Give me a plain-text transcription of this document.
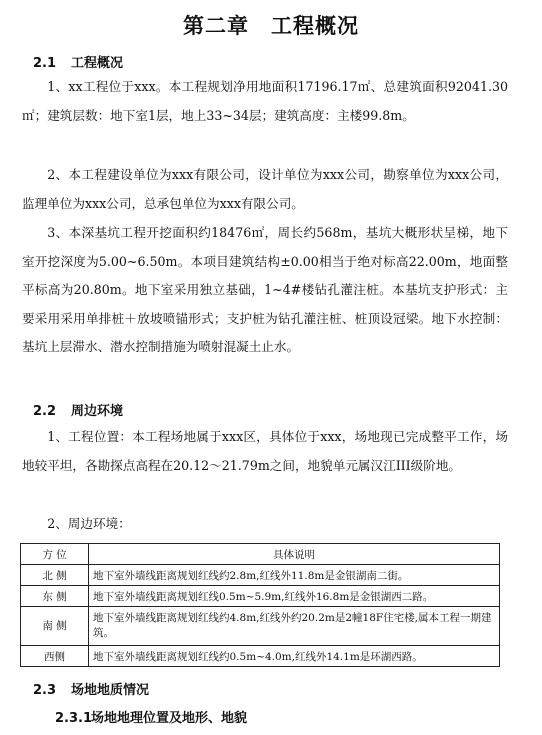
第二章 工程概况
2.1 工程概况
1、xx工程位于xxx。本工程规划净用地面积17196.17㎡、总建筑面积92041.30㎡；建筑层数：地下室1层，地上33~34层；建筑高度：主楼99.8m。
2、本工程建设单位为xxx有限公司，设计单位为xxx公司，勘察单位为xxx公司，监理单位为xxx公司，总承包单位为xxx有限公司。
3、本深基坑工程开挖面积约18476㎡，周长约568m，基坑大概形状呈梯，地下室开挖深度为5.00~6.50m。本项目建筑结构±0.00相当于绝对标高22.00m，地面整平标高为20.80m。地下室采用独立基础，1~4#楼钻孔灌注桩。本基坑支护形式：主要采用采用单排桩＋放坡喷锚形式；支护桩为钻孔灌注桩、桩顶设冠梁。地下水控制：基坑上层滞水、潜水控制措施为喷射混凝土止水。
2.2 周边环境
1、工程位置：本工程场地属于xxx区，具体位于xxx，场地现已完成整平工作，场地较平坦，各勘探点高程在20.12～21.79m之间，地貌单元属汉江III级阶地。
2、周边环境：
方 位	具体说明
北 侧	地下室外墙线距离规划红线约2.8m,红线外11.8m是金银湖南二街。
东 侧	地下室外墙线距离规划红线0.5m~5.9m,红线外16.8m是金银湖西二路。
南 侧	地下室外墙线距离规划红线约4.8m,红线外约20.2m是2幢18F住宅楼,属本工程一期建筑。
西侧	地下室外墙线距离规划红线约0.5m~4.0m,红线外14.1m是环湖西路。
2.3 场地地质情况
2.3.1场地地理位置及地形、地貌
